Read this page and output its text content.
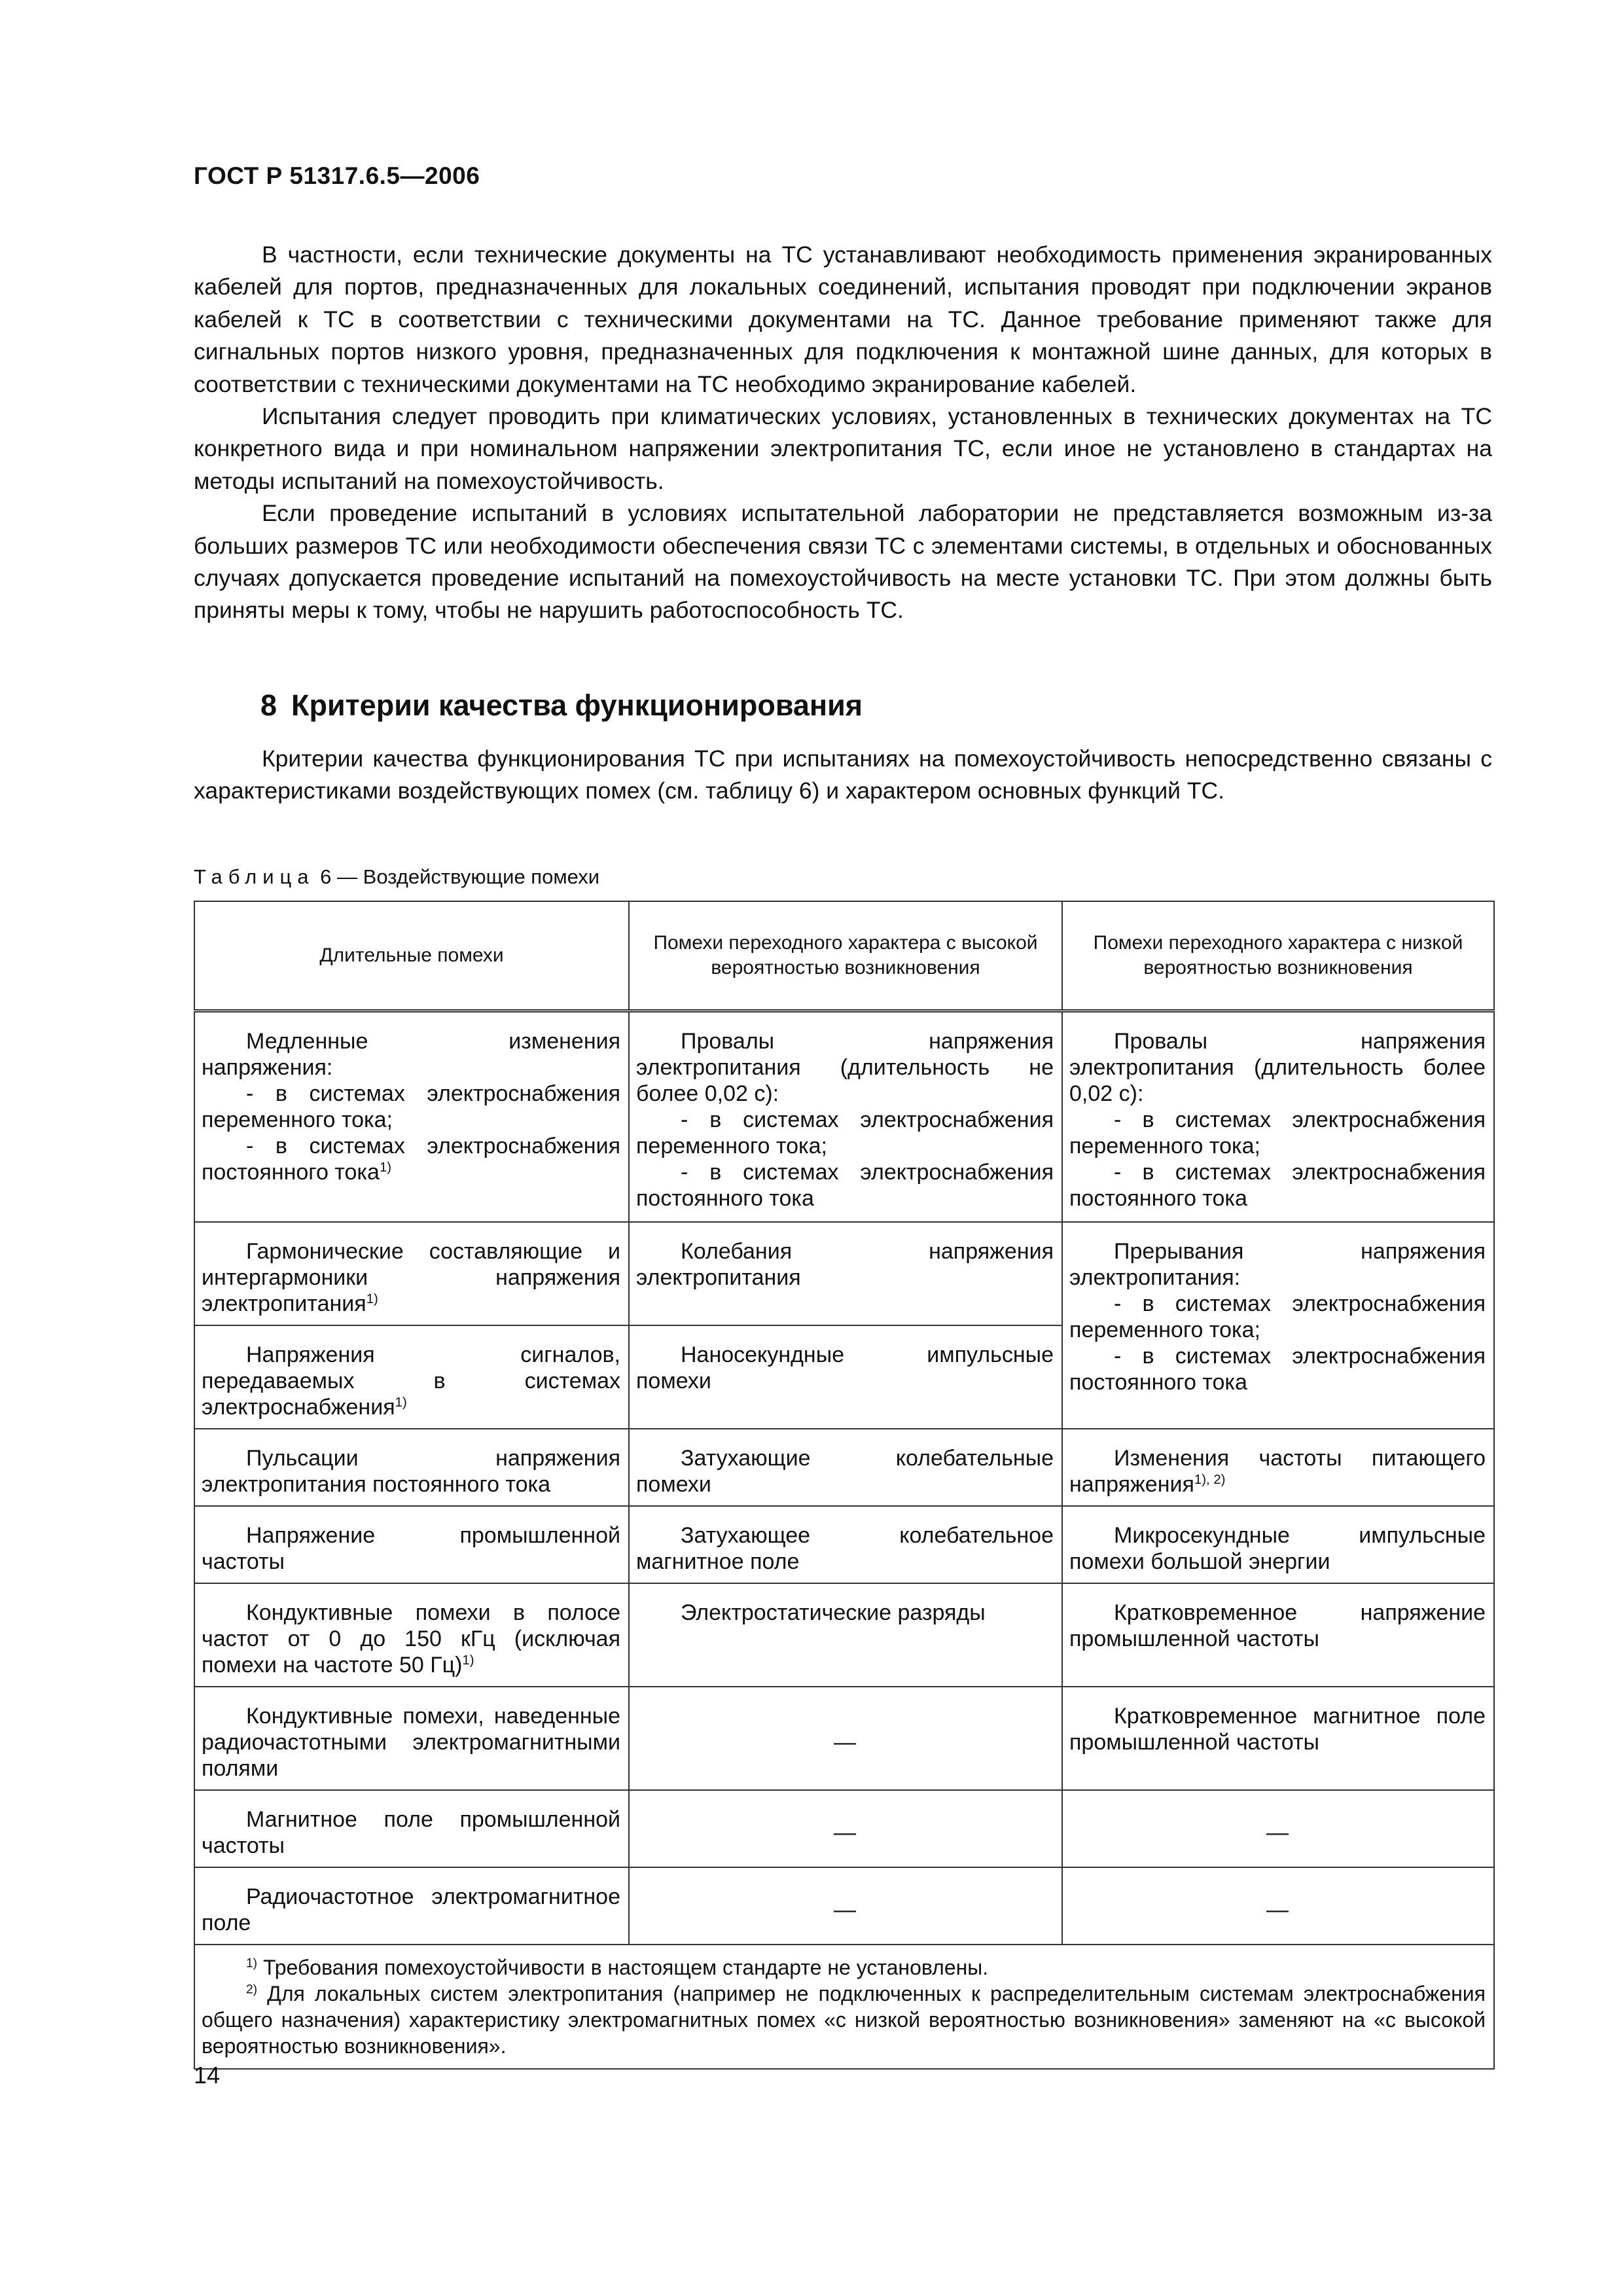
ГОСТ Р 51317.6.5—2006

В частности, если технические документы на ТС устанавливают необходимость применения экранированных кабелей для портов, предназначенных для локальных соединений, испытания проводят при подключении экранов кабелей к ТС в соответствии с техническими документами на ТС. Данное требование применяют также для сигнальных портов низкого уровня, предназначенных для подключения к монтажной шине данных, для которых в соответствии с техническими документами на ТС необходимо экранирование кабелей.

Испытания следует проводить при климатических условиях, установленных в технических документах на ТС конкретного вида и при номинальном напряжении электропитания ТС, если иное не установлено в стандартах на методы испытаний на помехоустойчивость.

Если проведение испытаний в условиях испытательной лаборатории не представляется возможным из-за больших размеров ТС или необходимости обеспечения связи ТС с элементами системы, в отдельных и обоснованных случаях допускается проведение испытаний на помехоустойчивость на месте установки ТС. При этом должны быть приняты меры к тому, чтобы не нарушить работоспособность ТС.

8 Критерии качества функционирования

Критерии качества функционирования ТС при испытаниях на помехоустойчивость непосредственно связаны с характеристиками воздействующих помех (см. таблицу 6) и характером основных функций ТС.

Таблица 6 — Воздействующие помехи

Длительные помехи	Помехи переходного характера с высокой вероятностью возникновения	Помехи переходного характера с низкой вероятностью возникновения

Медленные изменения напряжения:
- в системах электроснабжения переменного тока;
- в системах электроснабжения постоянного тока$^{1)}$	Провалы напряжения электропитания (длительность не более 0,02 с):
- в системах электроснабжения переменного тока;
- в системах электроснабжения постоянного тока	Провалы напряжения электропитания (длительность более 0,02 с):
- в системах электроснабжения переменного тока;
- в системах электроснабжения постоянного тока

Гармонические составляющие и интергармоники напряжения электропитания$^{1)}$	Колебания напряжения электропитания	Прерывания напряжения электропитания:
- в системах электроснабжения переменного тока;
- в системах электроснабжения постоянного тока

Напряжения сигналов, передаваемых в системах электроснабжения$^{1)}$	Наносекундные импульсные помехи	

Пульсации напряжения электропитания постоянного тока	Затухающие колебательные помехи	Изменения частоты питающего напряжения$^{1), 2)}$

Напряжение промышленной частоты	Затухающее колебательное магнитное поле	Микросекундные импульсные помехи большой энергии

Кондуктивные помехи в полосе частот от 0 до 150 кГц (исключая помехи на частоте 50 Гц)$^{1)}$	Электростатические разряды	Кратковременное напряжение промышленной частоты

Кондуктивные помехи, наведенные радиочастотными электромагнитными полями	—	Кратковременное магнитное поле промышленной частоты

Магнитное поле промышленной частоты	—	—

Радиочастотное электромагнитное поле	—	—

$^{1)}$ Требования помехоустойчивости в настоящем стандарте не установлены.
$^{2)}$ Для локальных систем электропитания (например не подключенных к распределительным системам электроснабжения общего назначения) характеристику электромагнитных помех «с низкой вероятностью возникновения» заменяют на «с высокой вероятностью возникновения».		
14
